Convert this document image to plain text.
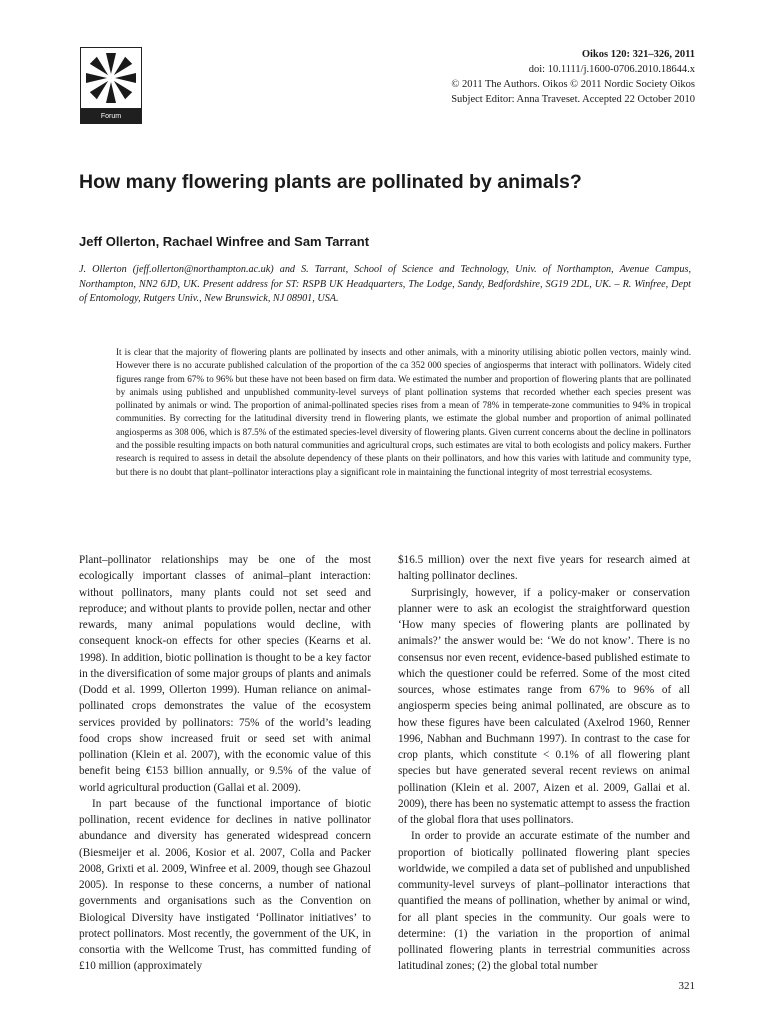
Forum
Oikos 120: 321–326, 2011
doi: 10.1111/j.1600-0706.2010.18644.x
© 2011 The Authors. Oikos © 2011 Nordic Society Oikos
Subject Editor: Anna Traveset. Accepted 22 October 2010
How many flowering plants are pollinated by animals?

Jeff Ollerton, Rachael Winfree and Sam Tarrant

J. Ollerton (jeff.ollerton@northampton.ac.uk) and S. Tarrant, School of Science and Technology, Univ. of Northampton, Avenue Campus, Northampton, NN2 6JD, UK. Present address for ST: RSPB UK Headquarters, The Lodge, Sandy, Bedfordshire, SG19 2DL, UK. – R. Winfree, Dept of Entomology, Rutgers Univ., New Brunswick, NJ 08901, USA.

It is clear that the majority of flowering plants are pollinated by insects and other animals, with a minority utilising abiotic pollen vectors, mainly wind. However there is no accurate published calculation of the proportion of the ca 352 000 species of angiosperms that interact with pollinators. Widely cited figures range from 67% to 96% but these have not been based on firm data. We estimated the number and proportion of flowering plants that are pollinated by animals using published and unpublished community-level surveys of plant pollination systems that recorded whether each species present was pollinated by animals or wind. The proportion of animal-pollinated species rises from a mean of 78% in temperate-zone communities to 94% in tropical communities. By correcting for the latitudinal diversity trend in flowering plants, we estimate the global number and proportion of animal pollinated angiosperms as 308 006, which is 87.5% of the estimated species-level diversity of flowering plants. Given current concerns about the decline in pollinators and the possible resulting impacts on both natural communities and agricultural crops, such estimates are vital to both ecologists and policy makers. Further research is required to assess in detail the absolute dependency of these plants on their pollinators, and how this varies with latitude and community type, but there is no doubt that plant–pollinator interactions play a significant role in maintaining the functional integrity of most terrestrial ecosystems.

Plant–pollinator relationships may be one of the most ecologically important classes of animal–plant interaction: without pollinators, many plants could not set seed and reproduce; and without plants to provide pollen, nectar and other rewards, many animal populations would decline, with consequent knock-on effects for other species (Kearns et al. 1998). In addition, biotic pollination is thought to be a key factor in the diversification of some major groups of plants and animals (Dodd et al. 1999, Ollerton 1999). Human reliance on animal-pollinated crops demonstrates the value of the ecosystem services provided by pollinators: 75% of the world’s leading food crops show increased fruit or seed set with animal pollination (Klein et al. 2007), with the economic value of this benefit being €153 billion annually, or 9.5% of the value of world agricultural production (Gallai et al. 2009).

In part because of the functional importance of biotic pollination, recent evidence for declines in native pollinator abundance and diversity has generated widespread concern (Biesmeijer et al. 2006, Kosior et al. 2007, Colla and Packer 2008, Grixti et al. 2009, Winfree et al. 2009, though see Ghazoul 2005). In response to these concerns, a number of national governments and organisations such as the Convention on Biological Diversity have instigated ‘Pollinator initiatives’ to protect pollinators. Most recently, the government of the UK, in consortia with the Wellcome Trust, has committed funding of £10 million (approximately

$16.5 million) over the next five years for research aimed at halting pollinator declines.

Surprisingly, however, if a policy-maker or conservation planner were to ask an ecologist the straightforward question ‘How many species of flowering plants are pollinated by animals?’ the answer would be: ‘We do not know’. There is no consensus nor even recent, evidence-based published estimate to which the questioner could be referred. Some of the most cited sources, whose estimates range from 67% to 96% of all angiosperm species being animal pollinated, are obscure as to how these figures have been calculated (Axelrod 1960, Renner 1996, Nabhan and Buchmann 1997). In contrast to the case for crop plants, which constitute < 0.1% of all flowering plant species but have generated several recent reviews on animal pollination (Klein et al. 2007, Aizen et al. 2009, Gallai et al. 2009), there has been no systematic attempt to assess the fraction of the global flora that uses pollinators.

In order to provide an accurate estimate of the number and proportion of biotically pollinated flowering plant species worldwide, we compiled a data set of published and unpublished community-level surveys of plant–pollinator interactions that quantified the means of pollination, whether by animal or wind, for all plant species in the community. Our goals were to determine: (1) the variation in the proportion of animal pollinated flowering plants in terrestrial communities across latitudinal zones; (2) the global total number

321
